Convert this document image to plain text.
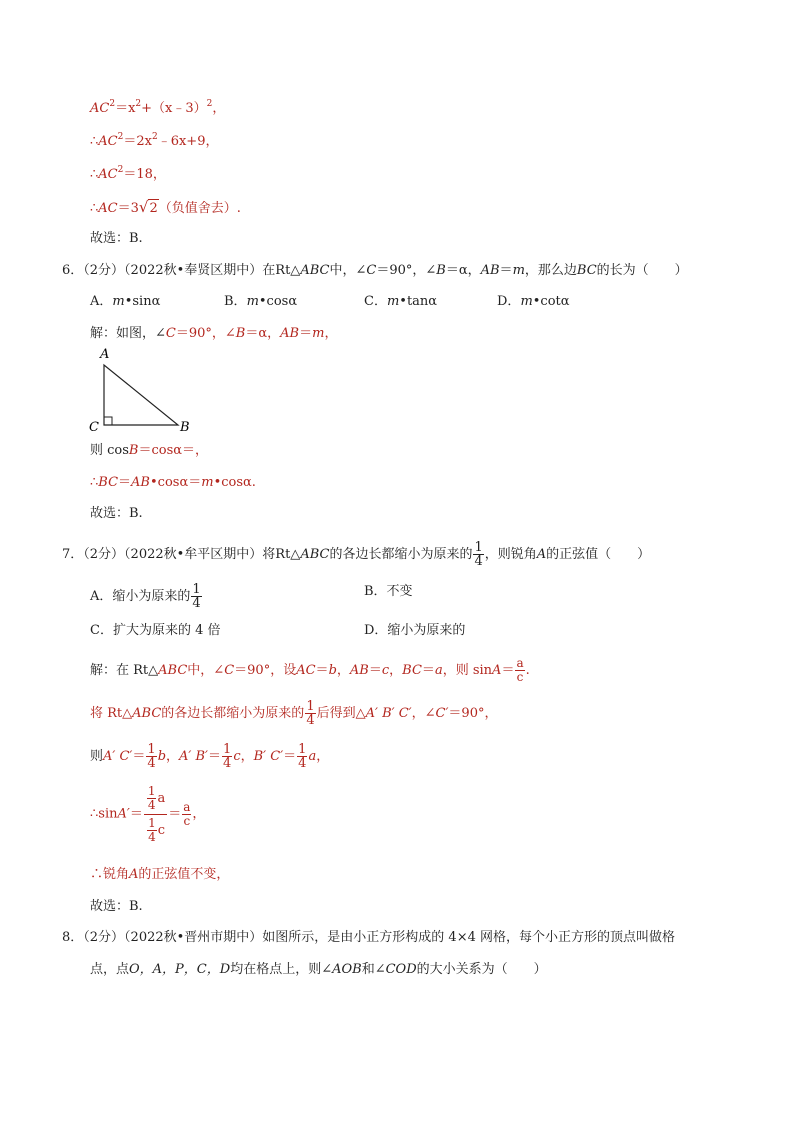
$AC^2=x^2+(x﹣3)^2$，
$\therefore AC^2=2x^2﹣6x+9$，
$\therefore AC^2=18$，
∴AC＝3√2（负值舍去）.
故选：B.
6．（2分）（2022秋•奉贤区期中）在Rt△ABC中，∠C＝90°，∠B＝α，AB＝m，那么边BC的长为（　　）
A．m•sinα	B．m•cosα	C．m•tanα	D．m•cotα
解：如图，∠C＝90°，∠B＝α，AB＝m，
A
C	B
则 cosB＝cosα＝，
∴BC＝AB•cosα＝m•cosα.
故选：B.
7．（2分）（2022秋•牟平区期中）将Rt△ABC的各边长都缩小为原来的 $\frac{1}{4}$ ，则锐角A的正弦值（　　）
A．缩小为原来的 $\frac{1}{4}$	B．不变
C．扩大为原来的 4 倍	D．缩小为原来的
解：在 Rt△ABC中，∠C＝90°，设AC＝b，AB＝c，BC＝a，则 $\sin A= \frac{a}{c}$ .
将 Rt△ABC的各边长都缩小为原来的 $\frac{1}{4}$ 后得到△A′ B′ C′，∠C′＝90°，
则A′ $C'= \frac{1}{4}$ b，A′ $B'= \frac{1}{4}$ c，B′ $C'= \frac{1}{4}$ a，
∴sinA′＝ $\frac{\frac{1}{4} a}{\frac{1}{4} c} = \frac{a}{c}$ ，
∴锐角A的正弦值不变，
故选：B.
8．（2分）（2022秋•晋州市期中）如图所示，是由小正方形构成的 4×4 网格，每个小正方形的顶点叫做格
点，点O，A，P，C，D均在格点上，则∠AOB和∠COD的大小关系为（　　）
